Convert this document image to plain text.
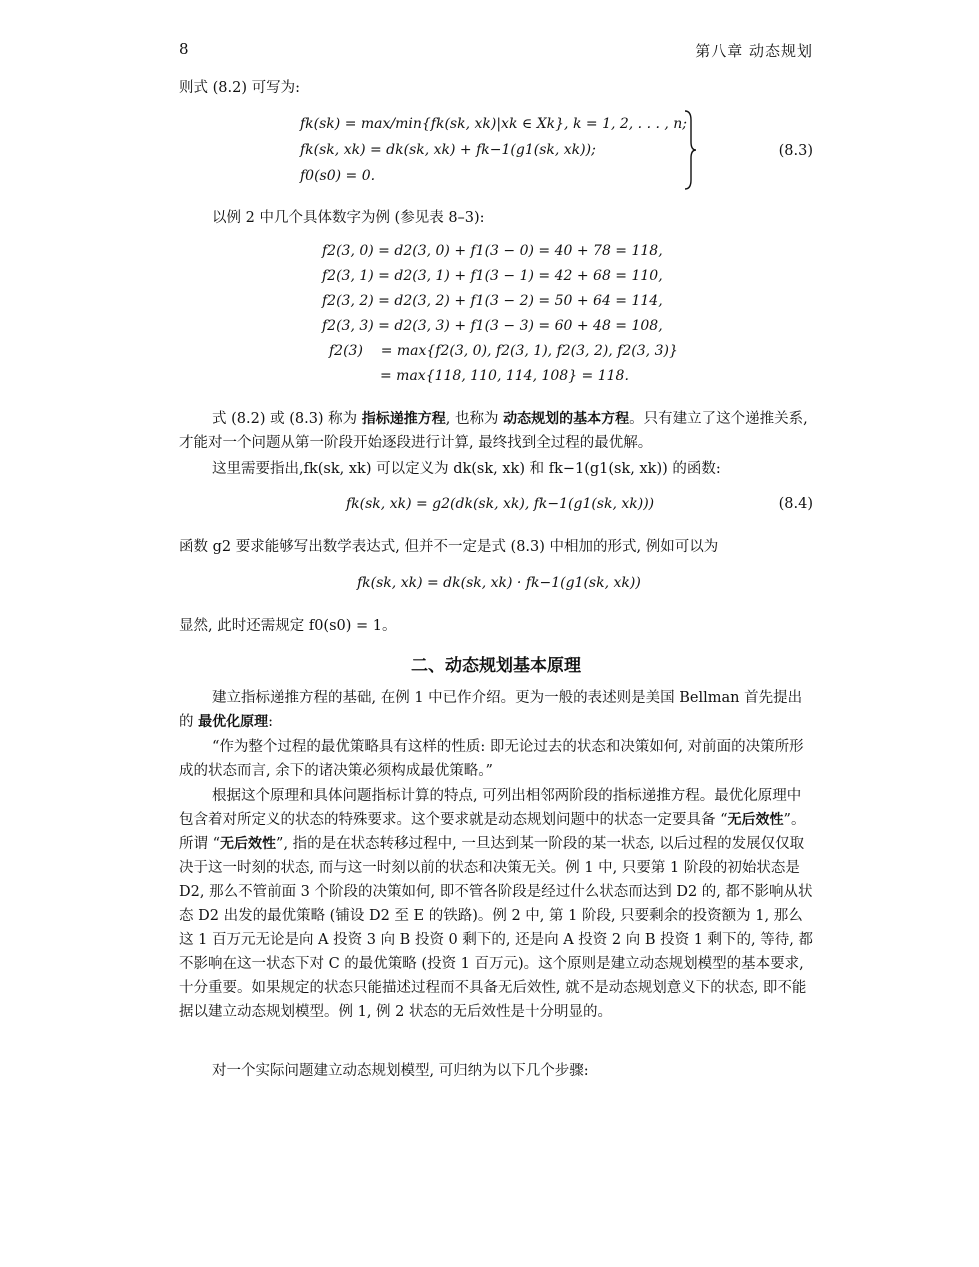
8	第八章 动态规划
则式 (8.2) 可写为:
fk(sk) = max/min{fk(sk, xk)|xk ∈ Xk}, k = 1, 2, . . . , n;
fk(sk, xk) = dk(sk, xk) + fk−1(g1(sk, xk));
f0(s0) = 0.
(8.3)
以例 2 中几个具体数字为例 (参见表 8–3):
f2(3, 0) = d2(3, 0) + f1(3 − 0) = 40 + 78 = 118,
f2(3, 1) = d2(3, 1) + f1(3 − 1) = 42 + 68 = 110,
f2(3, 2) = d2(3, 2) + f1(3 − 2) = 50 + 64 = 114,
f2(3, 3) = d2(3, 3) + f1(3 − 3) = 60 + 48 = 108,
f2(3)    = max{f2(3, 0), f2(3, 1), f2(3, 2), f2(3, 3)}
= max{118, 110, 114, 108} = 118.
式 (8.2) 或 (8.3) 称为 指标递推方程, 也称为 动态规划的基本方程。只有建立了这个递推关系, 才能对一个问题从第一阶段开始逐段进行计算, 最终找到全过程的最优解。
这里需要指出,fk(sk, xk) 可以定义为 dk(sk, xk) 和 fk−1(g1(sk, xk)) 的函数:
fk(sk, xk) = g2(dk(sk, xk), fk−1(g1(sk, xk)))	(8.4)
函数 g2 要求能够写出数学表达式, 但并不一定是式 (8.3) 中相加的形式, 例如可以为
fk(sk, xk) = dk(sk, xk) · fk−1(g1(sk, xk))
显然, 此时还需规定 f0(s0) = 1。
二、动态规划基本原理
建立指标递推方程的基础, 在例 1 中已作介绍。更为一般的表述则是美国 Bellman 首先提出的 最优化原理:
“作为整个过程的最优策略具有这样的性质: 即无论过去的状态和决策如何, 对前面的决策所形成的状态而言, 余下的诸决策必须构成最优策略。”
根据这个原理和具体问题指标计算的特点, 可列出相邻两阶段的指标递推方程。最优化原理中包含着对所定义的状态的特殊要求。这个要求就是动态规划问题中的状态一定要具备 “无后效性”。所谓 “无后效性”, 指的是在状态转移过程中, 一旦达到某一阶段的某一状态, 以后过程的发展仅仅取决于这一时刻的状态, 而与这一时刻以前的状态和决策无关。例 1 中, 只要第 1 阶段的初始状态是 D2, 那么不管前面 3 个阶段的决策如何, 即不管各阶段是经过什么状态而达到 D2 的, 都不影响从状态 D2 出发的最优策略 (铺设 D2 至 E 的铁路)。例 2 中, 第 1 阶段, 只要剩余的投资额为 1, 那么这 1 百万元无论是向 A 投资 3 向 B 投资 0 剩下的, 还是向 A 投资 2 向 B 投资 1 剩下的, 等待, 都不影响在这一状态下对 C 的最优策略 (投资 1 百万元)。这个原则是建立动态规划模型的基本要求, 十分重要。如果规定的状态只能描述过程而不具备无后效性, 就不是动态规划意义下的状态, 即不能据以建立动态规划模型。例 1, 例 2 状态的无后效性是十分明显的。
对一个实际问题建立动态规划模型, 可归纳为以下几个步骤:
